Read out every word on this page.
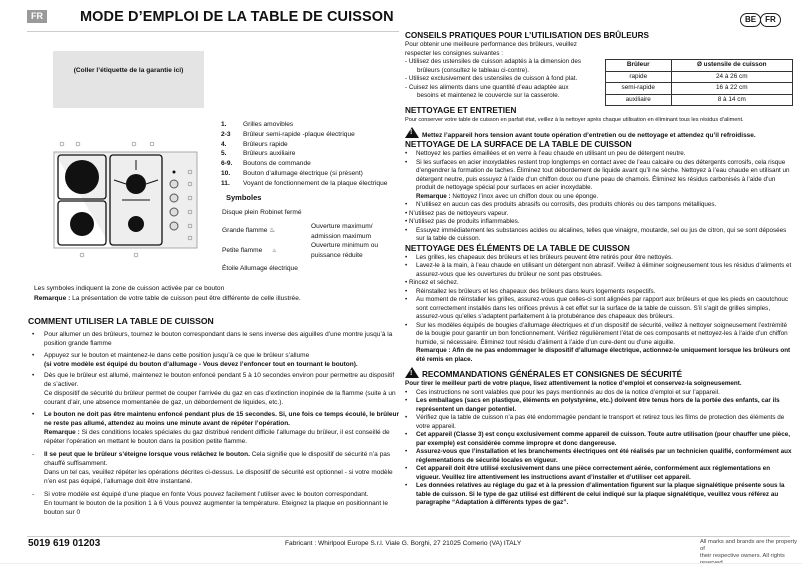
FR	MODE D’EMPLOI DE LA TABLE DE CUISSON	BE	FR
(Coller l’étiquette de la garantie ici)
1.	Grilles amovibles
2-3 Brûleur semi-rapide -plaque électrique
4.	Brûleurs rapide
5.	Brûleurs auxiliaire
6-9. Boutons de commande
10. Bouton d’allumage électrique (si présent)
11. Voyant de fonctionnement de la plaque électrique
Symboles
Disque plein Robinet fermé
Grande flamme ♨
Ouverture maximum/ admission maximum
Petite flamme ♨
Ouverture minimum ou puissance réduite
Étoile Allumage électrique
Les symboles indiquent la zone de cuisson activée par ce bouton
Remarque : La présentation de votre table de cuisson peut être différente de celle illustrée.
COMMENT UTILISER LA TABLE DE CUISSON
• Pour allumer un des brûleurs, tournez le bouton correspondant dans le sens inverse des aiguilles d’une montre jusqu’à la position grande flamme
• Appuyez sur le bouton et maintenez-le dans cette position jusqu’à ce que le brûleur s’allume
(si votre modèle est équipé du bouton d’allumage - Vous devez l’enfoncer tout en tournant le bouton).
• Dès que le brûleur est allumé, maintenez le bouton enfoncé pendant 5 à 10 secondes environ pour permettre au dispositif de s’activer.
Ce dispositif de sécurité du brûleur permet de couper l’arrivée du gaz en cas d’extinction inopinée de la flamme (suite à un courant d’air, une absence momentanée de gaz, un débordement de liquides, etc.).
• Le bouton ne doit pas être maintenu enfoncé pendant plus de 15 secondes. Si, une fois ce temps écoulé, le brûleur ne reste pas allumé, attendez au moins une minute avant de répéter l’opération.
Remarque : Si des conditions locales spéciales du gaz distribué rendent difficile l’allumage du brûleur, il est conseillé de répéter l’opération en mettant le bouton dans la position petite flamme.
- Il se peut que le brûleur s’éteigne lorsque vous relâchez le bouton. Cela signifie que le dispositif de sécurité n’a pas chauffé suffisamment.
Dans un tel cas, veuillez répéter les opérations décrites ci-dessus. Le dispositif de sécurité est optionnel - si votre modèle n’en est pas équipé, l’allumage doit être instantané.
- Si votre modèle est équipé d’une plaque en fonte Vous pouvez facilement l’utiliser avec le bouton correspondant.
En tournant le bouton de la position 1 à 6 Vous pouvez augmenter la température. Eteignez la plaque en positionnant le bouton sur 0
CONSEILS PRATIQUES POUR L’UTILISATION DES BRÛLEURS
Pour obtenir une meilleure performance des brûleurs, veuillez respecter les consignes suivantes :
- Utilisez des ustensiles de cuisson adaptés à la dimension des brûleurs (consultez le tableau ci-contre).
- Utilisez exclusivement des ustensiles de cuisson à fond plat.
- Cuisez les aliments dans une quantité d’eau adaptée aux besoins et maintenez le couvercle sur la casserole.
Brûleur	Ø ustensile de cuisson
rapide	24 à 26 cm
semi-rapide	16 à 22 cm
auxiliaire	8 à 14 cm
NETTOYAGE ET ENTRETIEN
Pour conserver votre table de cuisson en parfait état, veillez à la nettoyer après chaque utilisation en éliminant tous les résidus d’aliment.
!Mettez l’appareil hors tension avant toute opération d’entretien ou de nettoyage et attendez qu’il refroidisse.
NETTOYAGE DE LA SURFACE DE LA TABLE DE CUISSON
• Nettoyez les parties émaillées et en verre à l’eau chaude en utilisant un peu de détergent neutre.
• Si les surfaces en acier inoxydables restent trop longtemps en contact avec de l’eau calcaire ou des détergents corrosifs, cela risque d’engendrer la formation de taches. Éliminez tout débordement de liquide avant qu’il ne sèche. Nettoyez à l’eau chaude en utilisant un détergent neutre, puis essuyez à l’aide d’un chiffon doux ou d’une peau de chamois. Éliminez les résidus carbonisés à l’aide d’un produit de nettoyage spécial pour surfaces en acier inoxydable.
Remarque : Nettoyez l’inox avec un chiffon doux ou une éponge.
• N’utilisez en aucun cas des produits abrasifs ou corrosifs, des produits chlorés ou des tampons métalliques.
• N’utilisez pas de nettoyeurs vapeur.
• N’utilisez pas de produits inflammables.
• Essuyez immédiatement les substances acides ou alcalines, telles que vinaigre, moutarde, sel ou jus de citron, qui se sont déposées sur la table de cuisson.
NETTOYAGE DES ÉLÉMENTS DE LA TABLE DE CUISSON
• Les grilles, les chapeaux des brûleurs et les brûleurs peuvent être retirés pour être nettoyés.
• Lavez-le à la main, à l’eau chaude en utilisant un détergent non abrasif. Veillez à éliminer soigneusement tous les résidus d’aliments et assurez-vous que les ouvertures du brûleur ne sont pas obstruées.
• Rincez et séchez.
• Réinstallez les brûleurs et les chapeaux des brûleurs dans leurs logements respectifs.
• Au moment de réinstaller les grilles, assurez-vous que celles-ci sont alignées par rapport aux brûleurs et que les pieds en caoutchouc sont correctement installés dans les orifices prévus à cet effet sur la surface de la table de cuisson. S’il s’agit de grilles simples, assurez-vous qu’elles s’adaptent parfaitement à la protubérance des chapeaux des brûleurs.
• Sur les modèles équipés de bougies d’allumage électriques et d’un dispositif de sécurité, veillez à nettoyer soigneusement l’extrémité de la bougie pour garantir un bon fonctionnement. Vérifiez régulièrement l’état de ces composants et nettoyez-les à l’aide d’un chiffon humide, si nécessaire. Éliminez tout résidu d’aliment à l’aide d’un cure-dent ou d’une aiguille.
Remarque : Afin de ne pas endommager le dispositif d’allumage électrique, actionnez-le uniquement lorsque les brûleurs ont été remis en place.
!RECOMMANDATIONS GÉNÉRALES ET CONSIGNES DE SÉCURITÉ
Pour tirer le meilleur parti de votre plaque, lisez attentivement la notice d’emploi et conservez-la soigneusement.
• Ces instructions ne sont valables que pour les pays mentionnés au dos de la notice d’emploi et sur l’appareil.
• Les emballages (sacs en plastique, éléments en polystyrène, etc.) doivent être tenus hors de la portée des enfants, car ils représentent un danger potentiel.
• Vérifiez que la table de cuisson n’a pas été endommagée pendant le transport et retirez tous les films de protection des éléments de votre appareil.
• Cet appareil (Classe 3) est conçu exclusivement comme appareil de cuisson. Toute autre utilisation (pour chauffer une pièce, par exemple) est considérée comme impropre et donc dangereuse.
• Assurez-vous que l’installation et les branchements électriques ont été réalisés par un technicien qualifié, conformément aux réglementations de sécurité locales en vigueur.
• Cet appareil doit être utilisé exclusivement dans une pièce correctement aérée, conformément aux réglementations en vigueur. Veuillez lire attentivement les instructions avant d’installer et d’utiliser cet appareil.
• Les données relatives au réglage du gaz et à la pression d’alimentation figurent sur la plaque signalétique présente sous la table de cuisson. Si le type de gaz utilisé est différent de celui indiqué sur la plaque signalétique, veuillez vous référez au paragraphe “Adaptation à différents types de gaz”.
5019 619 01203	Fabricant : Whirlpool Europe S.r.l. Viale G. Borghi, 27 21025 Comerio (VA) ITALY	All marks and brands are the property of
their respective owners. All rights
